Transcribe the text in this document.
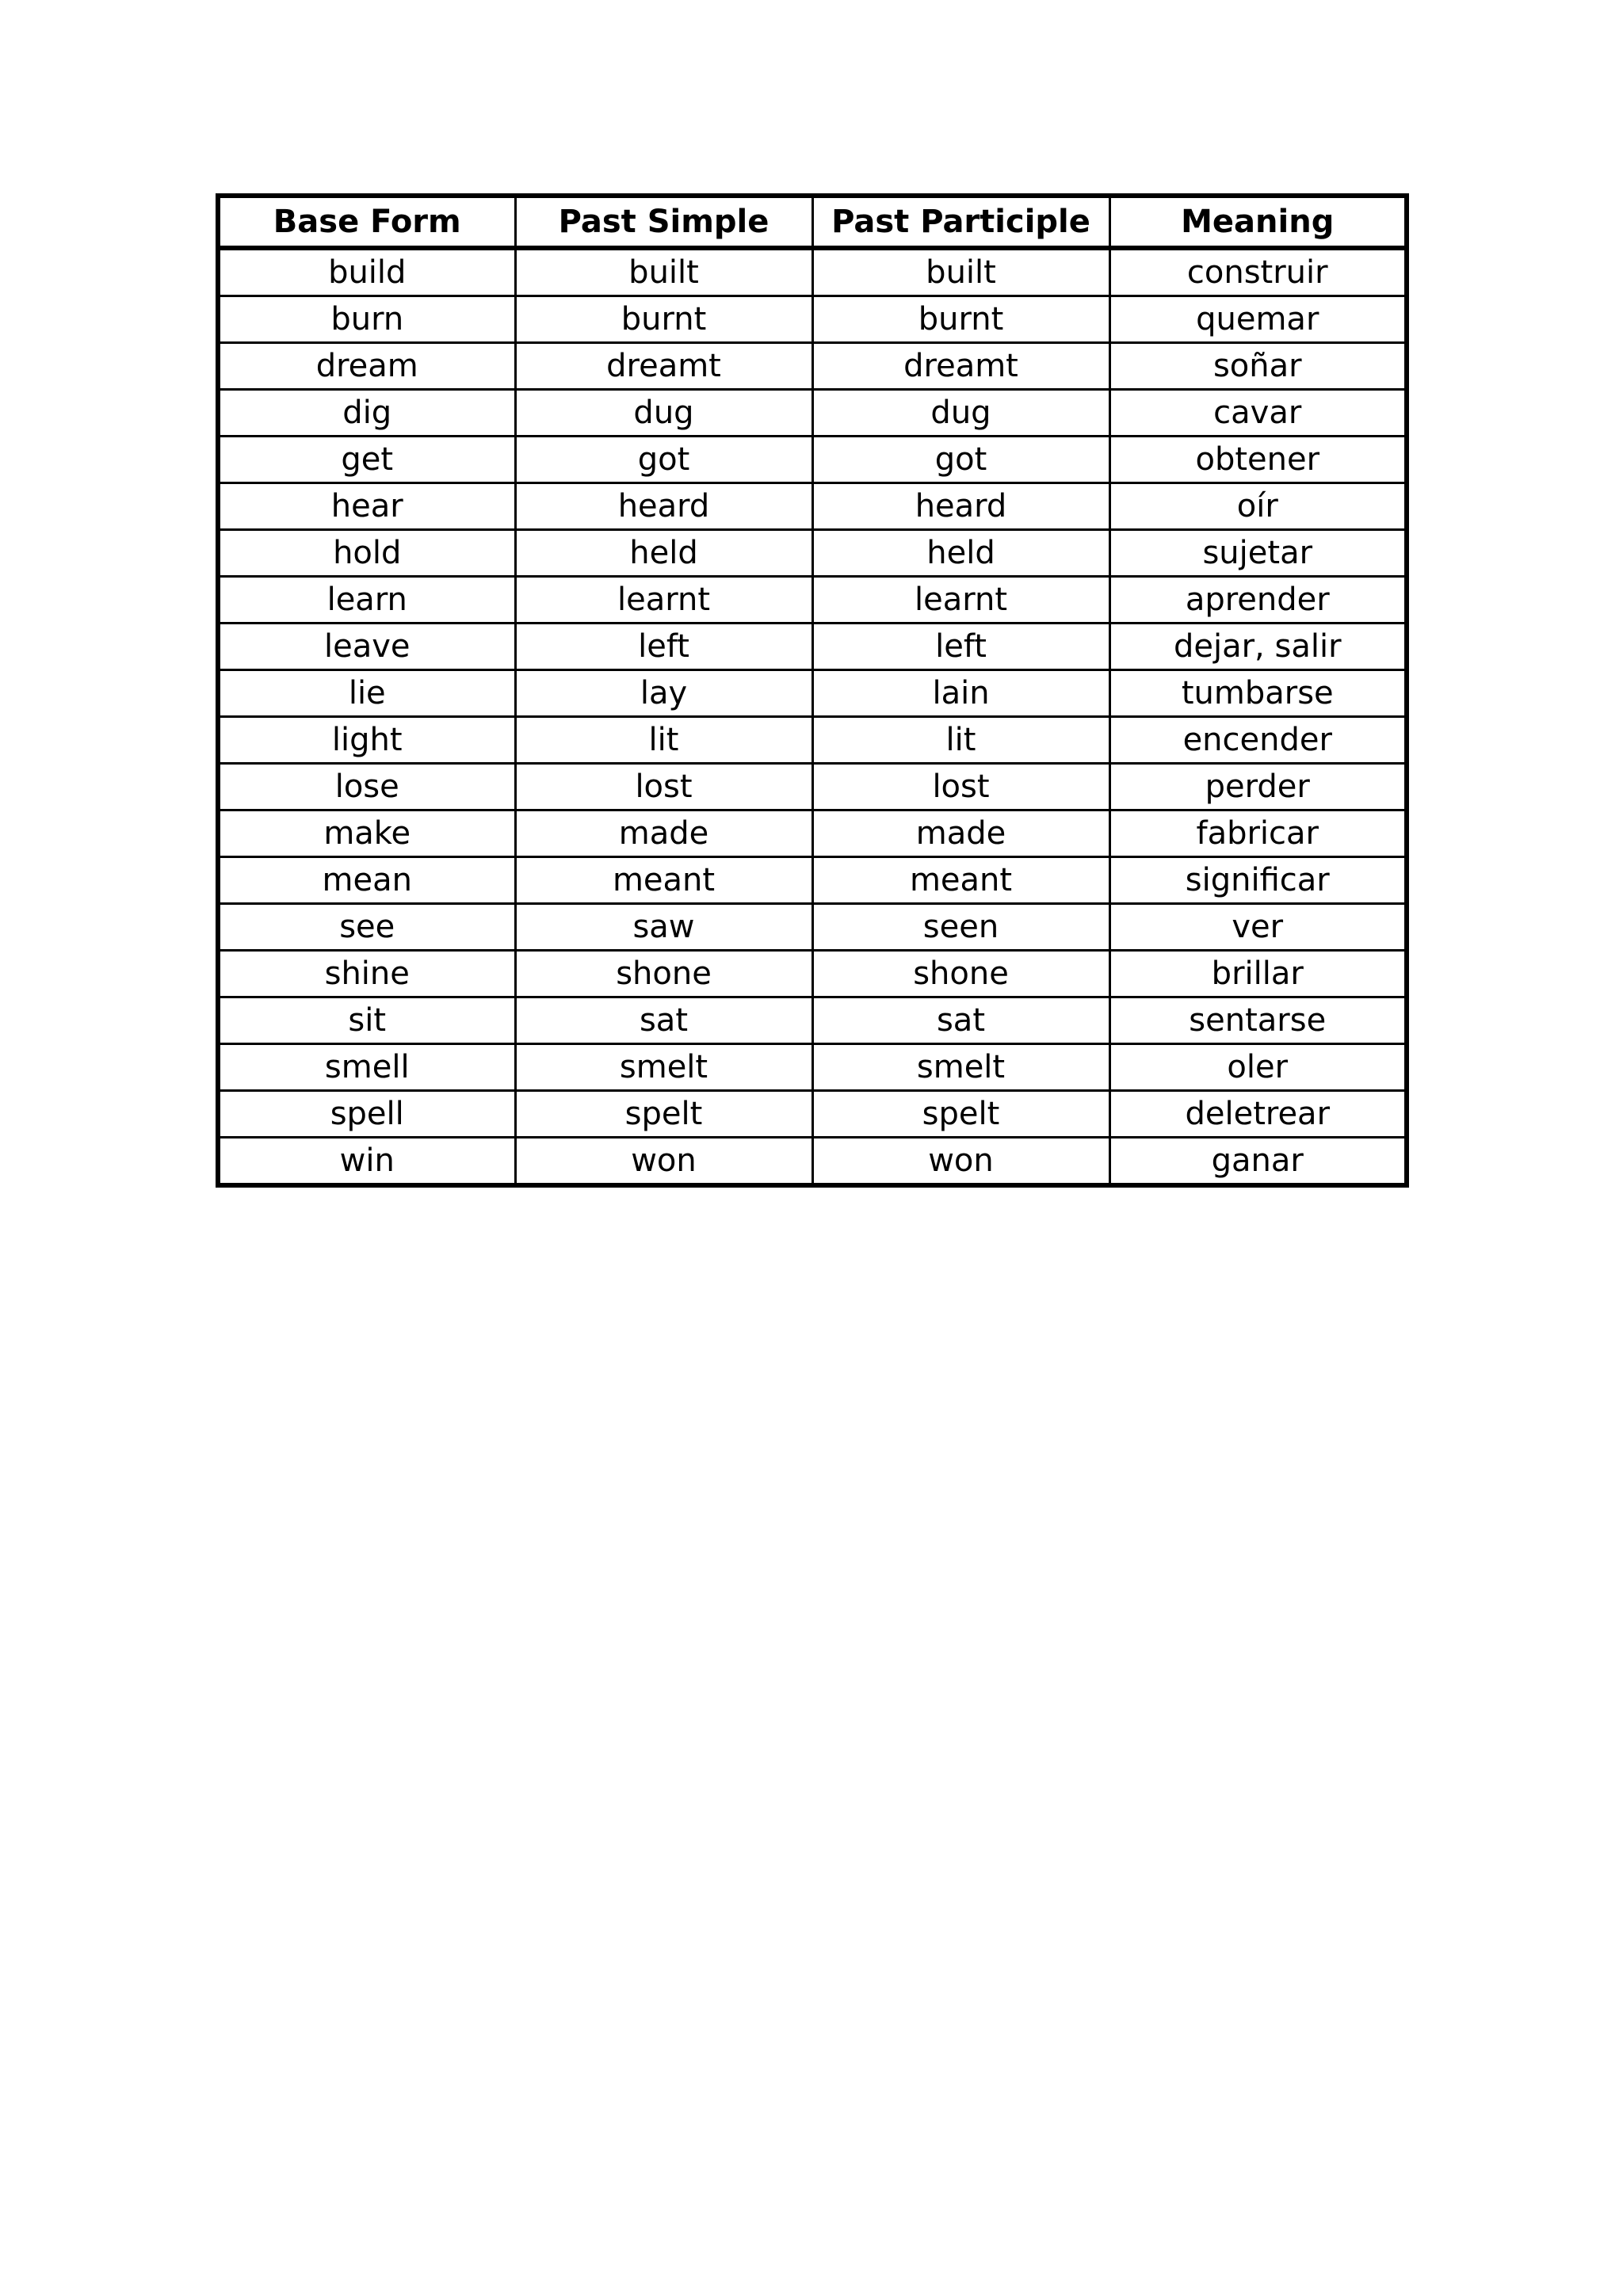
Base Form	Past Simple	Past Participle	Meaning
build	built	built	construir
burn	burnt	burnt	quemar
dream	dreamt	dreamt	soñar
dig	dug	dug	cavar
get	got	got	obtener
hear	heard	heard	oír
hold	held	held	sujetar
learn	learnt	learnt	aprender
leave	left	left	dejar, salir
lie	lay	lain	tumbarse
light	lit	lit	encender
lose	lost	lost	perder
make	made	made	fabricar
mean	meant	meant	significar
see	saw	seen	ver
shine	shone	shone	brillar
sit	sat	sat	sentarse
smell	smelt	smelt	oler
spell	spelt	spelt	deletrear
win	won	won	ganar
